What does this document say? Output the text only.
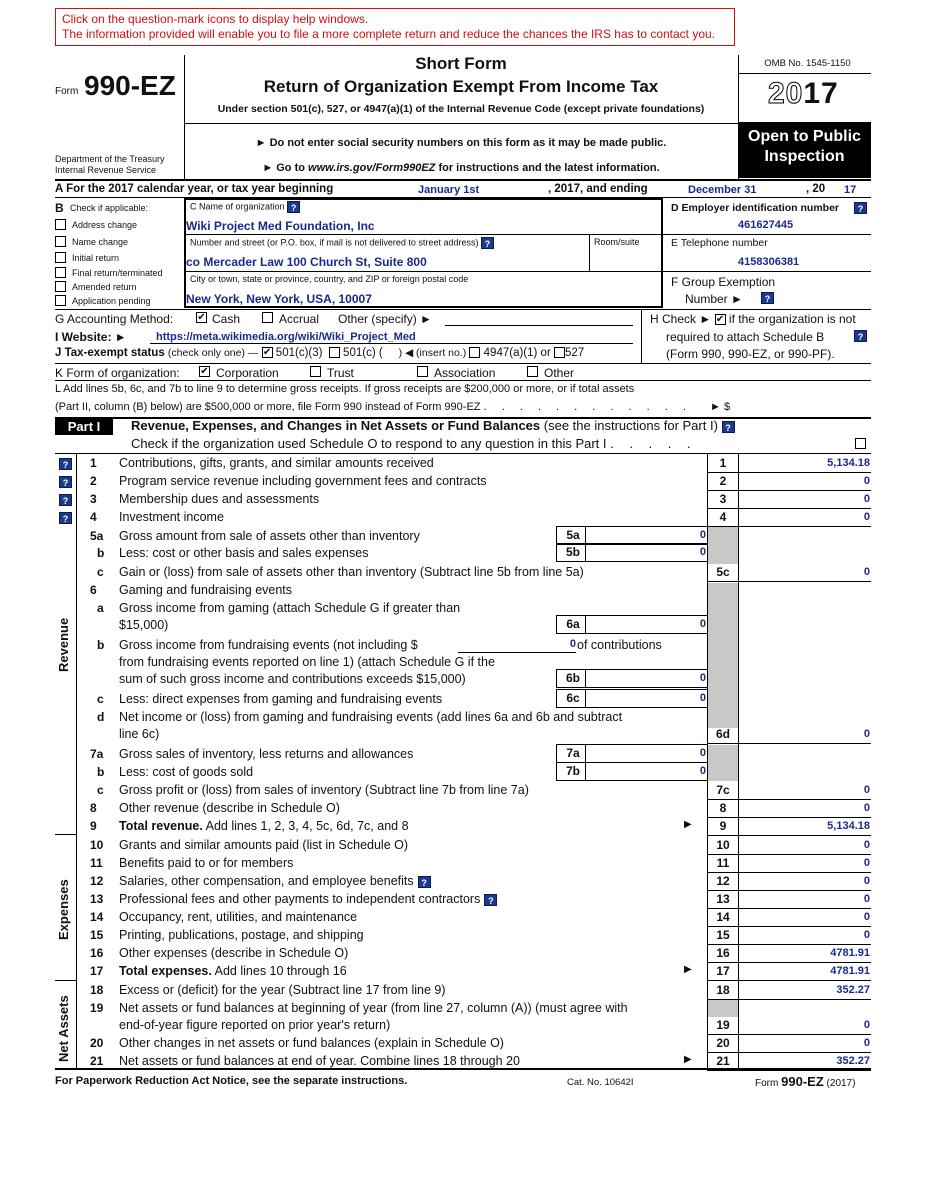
Click on the question-mark icons to display help windows.
The information provided will enable you to file a more complete return and reduce the chances the IRS has to contact you.
Form 990-EZ
Department of the Treasury
Internal Revenue Service
Short Form
Return of Organization Exempt From Income Tax
Under section 501(c), 527, or 4947(a)(1) of the Internal Revenue Code (except private foundations)
► Do not enter social security numbers on this form as it may be made public.
► Go to www.irs.gov/Form990EZ for instructions and the latest information.
OMB No. 1545-1150
2017
Open to Public Inspection
A For the 2017 calendar year, or tax year beginning	January 1st	, 2017, and ending	December 31	, 20 17
B Check if applicable:
Address change
Name change
Initial return
Final return/terminated
Amended return
Application pending
C Name of organization ?
Wiki Project Med Foundation, Inc
Number and street (or P.O. box, if mail is not delivered to street address) ?	Room/suite
co Mercader Law 100 Church St, Suite 800
City or town, state or province, country, and ZIP or foreign postal code
New York, New York, USA, 10007
D Employer identification number	?
461627445
E Telephone number
4158306381
F Group Exemption
Number ►	?
G Accounting Method: ✔ Cash	Accrual Other (specify) ►	H Check ► ✔ if the organization is not
required to attach Schedule B	?
(Form 990, 990-EZ, or 990-PF).
I Website: ►	https://meta.wikimedia.org/wiki/Wiki_Project_Med
J Tax-exempt status (check only one) — ✔ 501(c)(3) 501(c) ( ) ◀ (insert no.) 4947(a)(1) or 527
K Form of organization: ✔ Corporation	Trust	Association	Other
L Add lines 5b, 6c, and 7b to line 9 to determine gross receipts. If gross receipts are $200,000 or more, or if total assets
(Part II, column (B) below) are $500,000 or more, file Form 990 instead of Form 990-EZ . . . . . . . . . . . . ► $
Part I	Revenue, Expenses, and Changes in Net Assets or Fund Balances (see the instructions for Part I) ?
Check if the organization used Schedule O to respond to any question in this Part I . . . . .
Revenue
Expenses
Net Assets
?
?
?
?
1 Contributions, gifts, grants, and similar amounts received	1	5,134.18
2 Program service revenue including government fees and contracts	2	0
3 Membership dues and assessments	3	0
4 Investment income	4	0
5a Gross amount from sale of assets other than inventory	5a	0
b Less: cost or other basis and sales expenses	5b	0
c Gain or (loss) from sale of assets other than inventory (Subtract line 5b from line 5a)	5c	0
6 Gaming and fundraising events
a Gross income from gaming (attach Schedule G if greater than
$15,000)	6a	0
b Gross income from fundraising events (not including $	0 of contributions
from fundraising events reported on line 1) (attach Schedule G if the
sum of such gross income and contributions exceeds $15,000)	6b	0
c Less: direct expenses from gaming and fundraising events	6c	0
d Net income or (loss) from gaming and fundraising events (add lines 6a and 6b and subtract
line 6c)	6d	0
7a Gross sales of inventory, less returns and allowances	7a	0
b Less: cost of goods sold	7b	0
c Gross profit or (loss) from sales of inventory (Subtract line 7b from line 7a)	7c	0
8 Other revenue (describe in Schedule O)	8	0
9 Total revenue. Add lines 1, 2, 3, 4, 5c, 6d, 7c, and 8	▶	9	5,134.18
10 Grants and similar amounts paid (list in Schedule O)	10	0
11 Benefits paid to or for members	11	0
12 Salaries, other compensation, and employee benefits ?	12	0
13 Professional fees and other payments to independent contractors ?	13	0
14 Occupancy, rent, utilities, and maintenance	14	0
15 Printing, publications, postage, and shipping	15	0
16 Other expenses (describe in Schedule O)	16	4781.91
17 Total expenses. Add lines 10 through 16	▶	17	4781.91
18 Excess or (deficit) for the year (Subtract line 17 from line 9)	18	352.27
19 Net assets or fund balances at beginning of year (from line 27, column (A)) (must agree with
end-of-year figure reported on prior year's return)	19	0
20 Other changes in net assets or fund balances (explain in Schedule O)	20	0
21 Net assets or fund balances at end of year. Combine lines 18 through 20	▶	21	352.27
For Paperwork Reduction Act Notice, see the separate instructions.	Cat. No. 10642I	Form 990-EZ (2017)
